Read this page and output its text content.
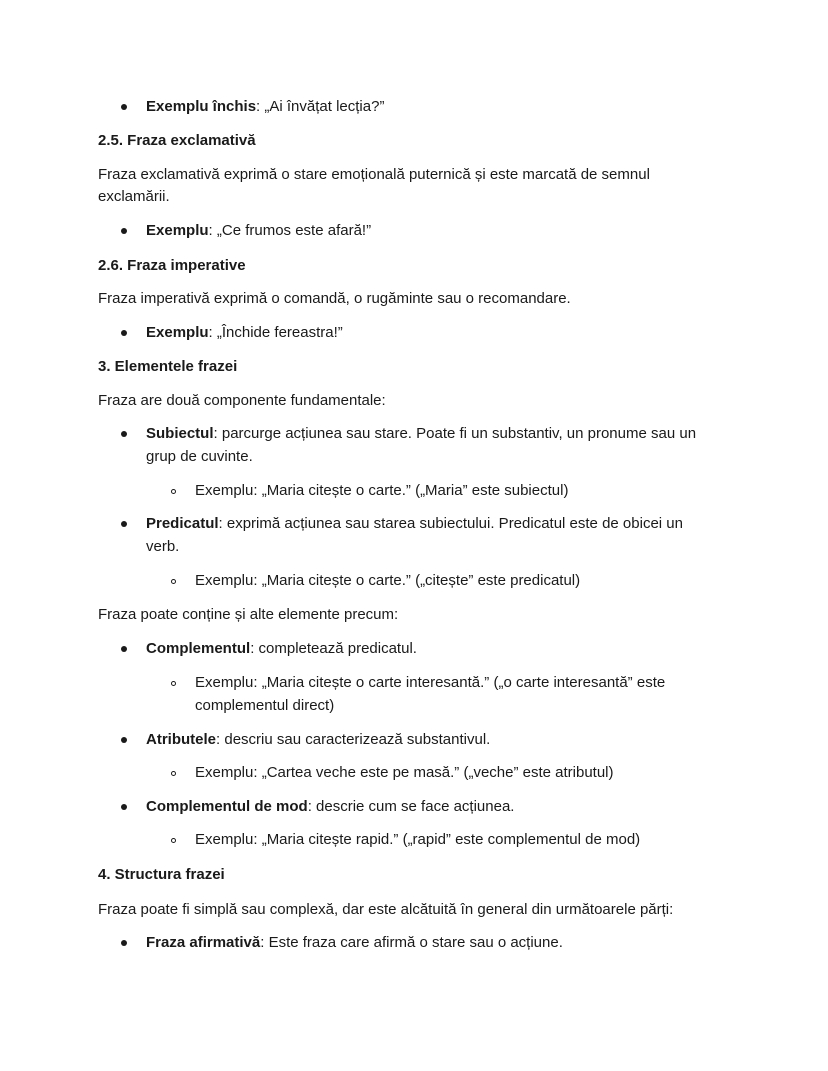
Exemplu închis: „Ai învățat lecția?”
2.5. Fraza exclamativă
Fraza exclamativă exprimă o stare emoțională puternică și este marcată de semnul
exclamării.
Exemplu: „Ce frumos este afară!”
2.6. Fraza imperative
Fraza imperativă exprimă o comandă, o rugăminte sau o recomandare.
Exemplu: „Închide fereastra!”
3. Elementele frazei
Fraza are două componente fundamentale:
Subiectul: parcurge acțiunea sau stare. Poate fi un substantiv, un pronume sau un
grup de cuvinte.
Exemplu: „Maria citește o carte.” („Maria” este subiectul)
Predicatul: exprimă acțiunea sau starea subiectului. Predicatul este de obicei un
verb.
Exemplu: „Maria citește o carte.” („citește” este predicatul)
Fraza poate conține și alte elemente precum:
Complementul: completează predicatul.
Exemplu: „Maria citește o carte interesantă.” („o carte interesantă” este
complementul direct)
Atributele: descriu sau caracterizează substantivul.
Exemplu: „Cartea veche este pe masă.” („veche” este atributul)
Complementul de mod: descrie cum se face acțiunea.
Exemplu: „Maria citește rapid.” („rapid” este complementul de mod)
4. Structura frazei
Fraza poate fi simplă sau complexă, dar este alcătuită în general din următoarele părți:
Fraza afirmativă: Este fraza care afirmă o stare sau o acțiune.
